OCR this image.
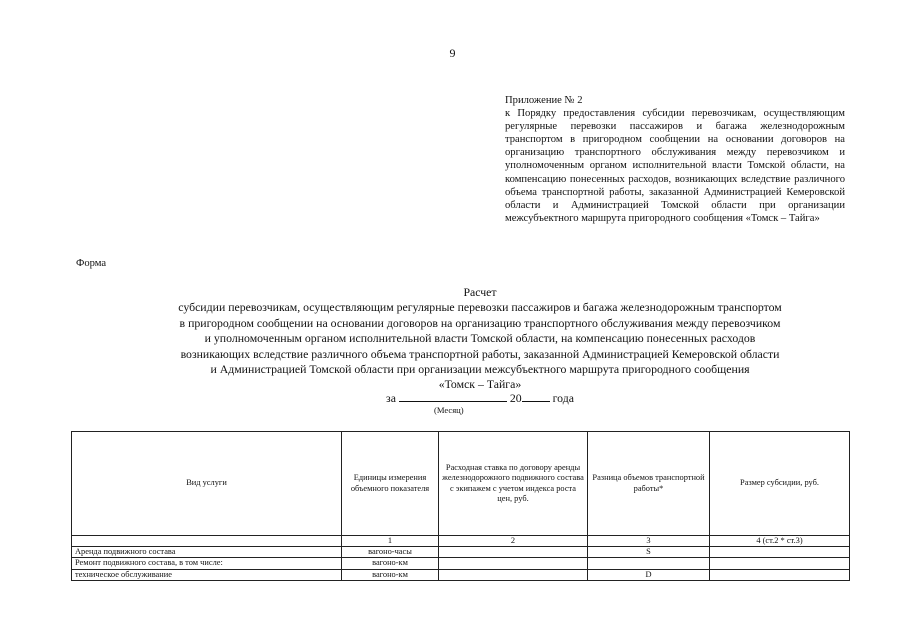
9
Приложение № 2
к Порядку предоставления субсидии перевозчикам, осуществляющим регулярные перевозки пассажиров и багажа железнодорожным транспортом в пригородном сообщении на основании договоров на организацию транспортного обслуживания между перевозчиком и уполномоченным органом исполнительной власти Томской области, на компенсацию понесенных расходов, возникающих вследствие различного объема транспортной работы, заказанной Администрацией Кемеровской области и Администрацией Томской области при организации межсубъектного маршрута пригородного сообщения «Томск – Тайга»
Форма
Расчет
субсидии перевозчикам, осуществляющим регулярные перевозки пассажиров и багажа железнодорожным транспортом
в пригородном сообщении на основании договоров на организацию транспортного обслуживания между перевозчиком
и уполномоченным органом исполнительной власти Томской области, на компенсацию понесенных расходов
возникающих вследствие различного объема транспортной работы, заказанной Администрацией Кемеровской области
и Администрацией Томской области при организации межсубъектного маршрута пригородного сообщения
«Томск – Тайга»
за	20	года
(Месяц)
Вид услуги	Единицы измерения объемного показателя	Расходная ставка по договору аренды железнодорожного подвижного состава с экипажем с учетом индекса роста цен, руб.	Разница объемов транспортной работы*	Размер субсидии, руб.
	1	2	3	4 (ст.2 * ст.3)
Аренда подвижного состава	вагоно-часы		S	
Ремонт подвижного состава, в том числе:	вагоно-км			
техническое обслуживание	вагоно-км		D	
